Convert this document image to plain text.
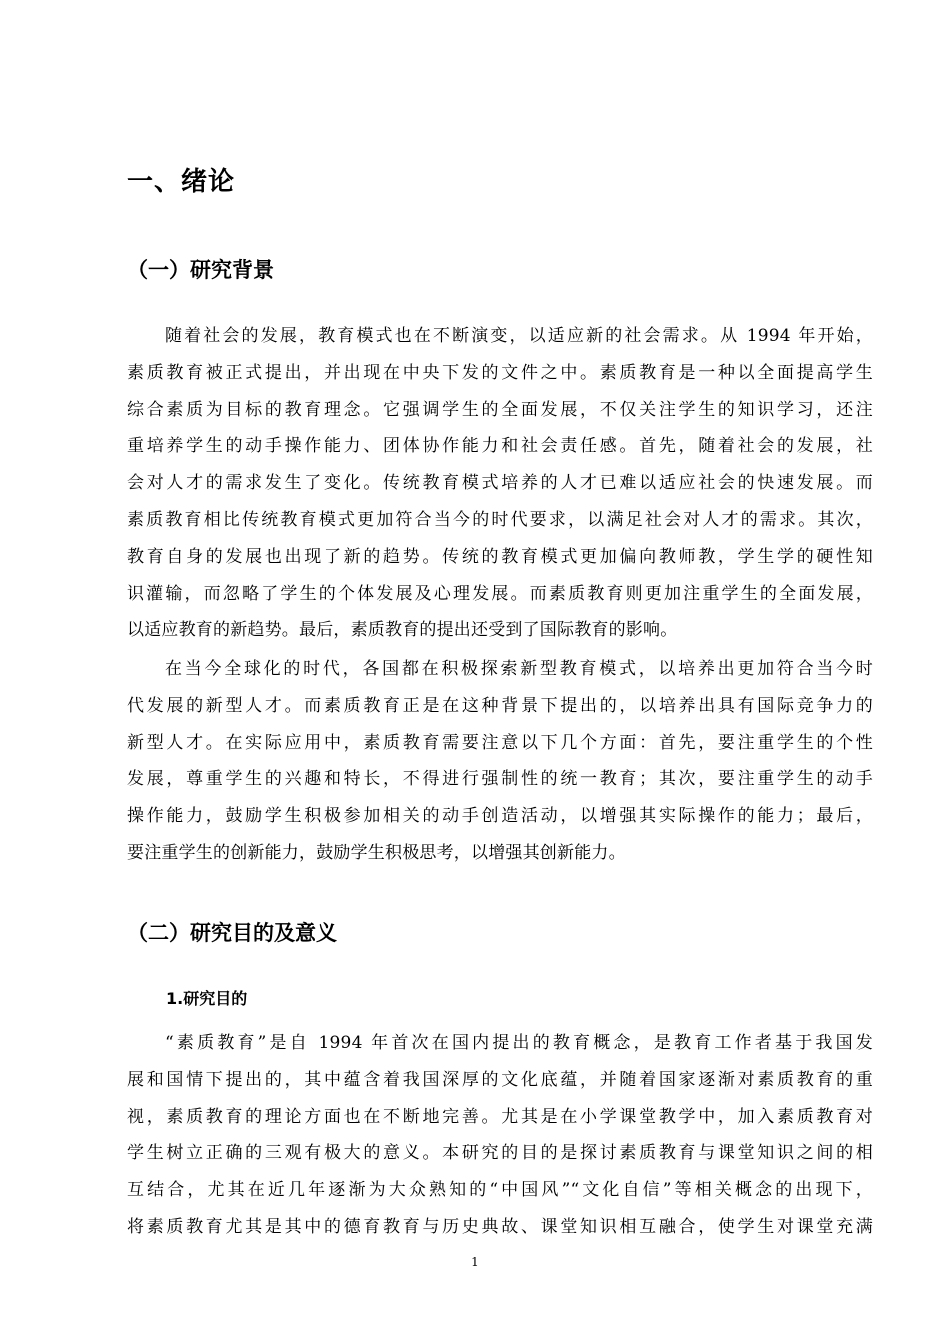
一、绪论
（一）研究背景
随着社会的发展，教育模式也在不断演变，以适应新的社会需求。从 1994 年开始，
素质教育被正式提出，并出现在中央下发的文件之中。素质教育是一种以全面提高学生
综合素质为目标的教育理念。它强调学生的全面发展，不仅关注学生的知识学习，还注
重培养学生的动手操作能力、团体协作能力和社会责任感。首先，随着社会的发展，社
会对人才的需求发生了变化。传统教育模式培养的人才已难以适应社会的快速发展。而
素质教育相比传统教育模式更加符合当今的时代要求，以满足社会对人才的需求。其次，
教育自身的发展也出现了新的趋势。传统的教育模式更加偏向教师教，学生学的硬性知
识灌输，而忽略了学生的个体发展及心理发展。而素质教育则更加注重学生的全面发展，
以适应教育的新趋势。最后，素质教育的提出还受到了国际教育的影响。
在当今全球化的时代，各国都在积极探索新型教育模式，以培养出更加符合当今时
代发展的新型人才。而素质教育正是在这种背景下提出的，以培养出具有国际竞争力的
新型人才。在实际应用中，素质教育需要注意以下几个方面：首先，要注重学生的个性
发展，尊重学生的兴趣和特长，不得进行强制性的统一教育；其次，要注重学生的动手
操作能力，鼓励学生积极参加相关的动手创造活动，以增强其实际操作的能力；最后，
要注重学生的创新能力，鼓励学生积极思考，以增强其创新能力。
（二）研究目的及意义
1.研究目的
“素质教育”是自 1994 年首次在国内提出的教育概念，是教育工作者基于我国发
展和国情下提出的，其中蕴含着我国深厚的文化底蕴，并随着国家逐渐对素质教育的重
视，素质教育的理论方面也在不断地完善。尤其是在小学课堂教学中，加入素质教育对
学生树立正确的三观有极大的意义。本研究的目的是探讨素质教育与课堂知识之间的相
互结合，尤其在近几年逐渐为大众熟知的“中国风”“文化自信”等相关概念的出现下，
将素质教育尤其是其中的德育教育与历史典故、课堂知识相互融合，使学生对课堂充满
1
